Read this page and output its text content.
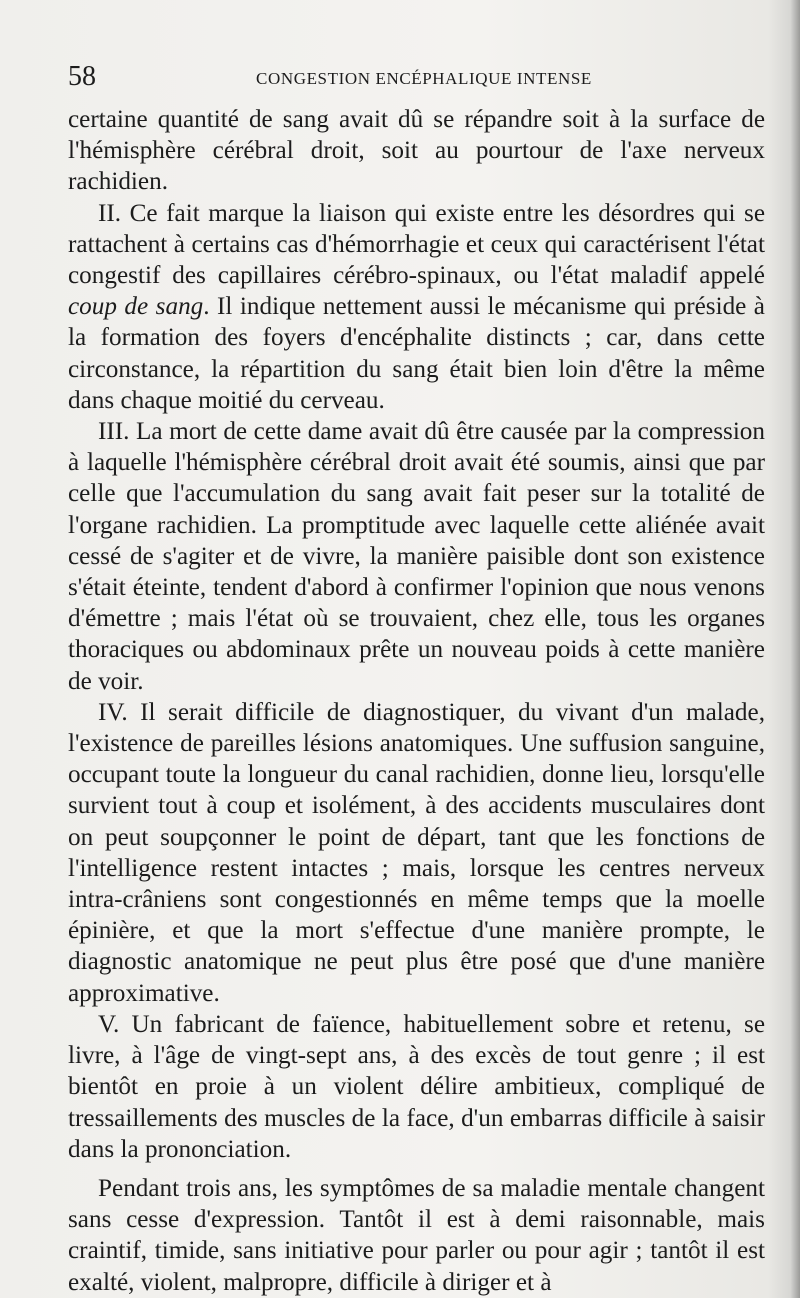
58	CONGESTION ENCÉPHALIQUE INTENSE

certaine quantité de sang avait dû se répandre soit à la surface de l'hémisphère cérébral droit, soit au pourtour de l'axe nerveux rachidien.

II. Ce fait marque la liaison qui existe entre les désordres qui se rattachent à certains cas d'hémorrhagie et ceux qui caractérisent l'état congestif des capillaires cérébro-spinaux, ou l'état maladif appelé coup de sang. Il indique nettement aussi le mécanisme qui préside à la formation des foyers d'encéphalite distincts ; car, dans cette circonstance, la répartition du sang était bien loin d'être la même dans chaque moitié du cerveau.

III. La mort de cette dame avait dû être causée par la compression à laquelle l'hémisphère cérébral droit avait été soumis, ainsi que par celle que l'accumulation du sang avait fait peser sur la totalité de l'organe rachidien. La promptitude avec laquelle cette aliénée avait cessé de s'agiter et de vivre, la manière paisible dont son existence s'était éteinte, tendent d'abord à confirmer l'opinion que nous venons d'émettre ; mais l'état où se trouvaient, chez elle, tous les organes thoraciques ou abdominaux prête un nouveau poids à cette manière de voir.

IV. Il serait difficile de diagnostiquer, du vivant d'un malade, l'existence de pareilles lésions anatomiques. Une suffusion sanguine, occupant toute la longueur du canal rachidien, donne lieu, lorsqu'elle survient tout à coup et isolément, à des accidents musculaires dont on peut soupçonner le point de départ, tant que les fonctions de l'intelligence restent intactes ; mais, lorsque les centres nerveux intra-crâniens sont congestionnés en même temps que la moelle épinière, et que la mort s'effectue d'une manière prompte, le diagnostic anatomique ne peut plus être posé que d'une manière approximative.

V. Un fabricant de faïence, habituellement sobre et retenu, se livre, à l'âge de vingt-sept ans, à des excès de tout genre ; il est bientôt en proie à un violent délire ambitieux, compliqué de tressaillements des muscles de la face, d'un embarras difficile à saisir dans la prononciation.

Pendant trois ans, les symptômes de sa maladie mentale changent sans cesse d'expression. Tantôt il est à demi raisonnable, mais craintif, timide, sans initiative pour parler ou pour agir ; tantôt il est exalté, violent, malpropre, difficile à diriger et à
